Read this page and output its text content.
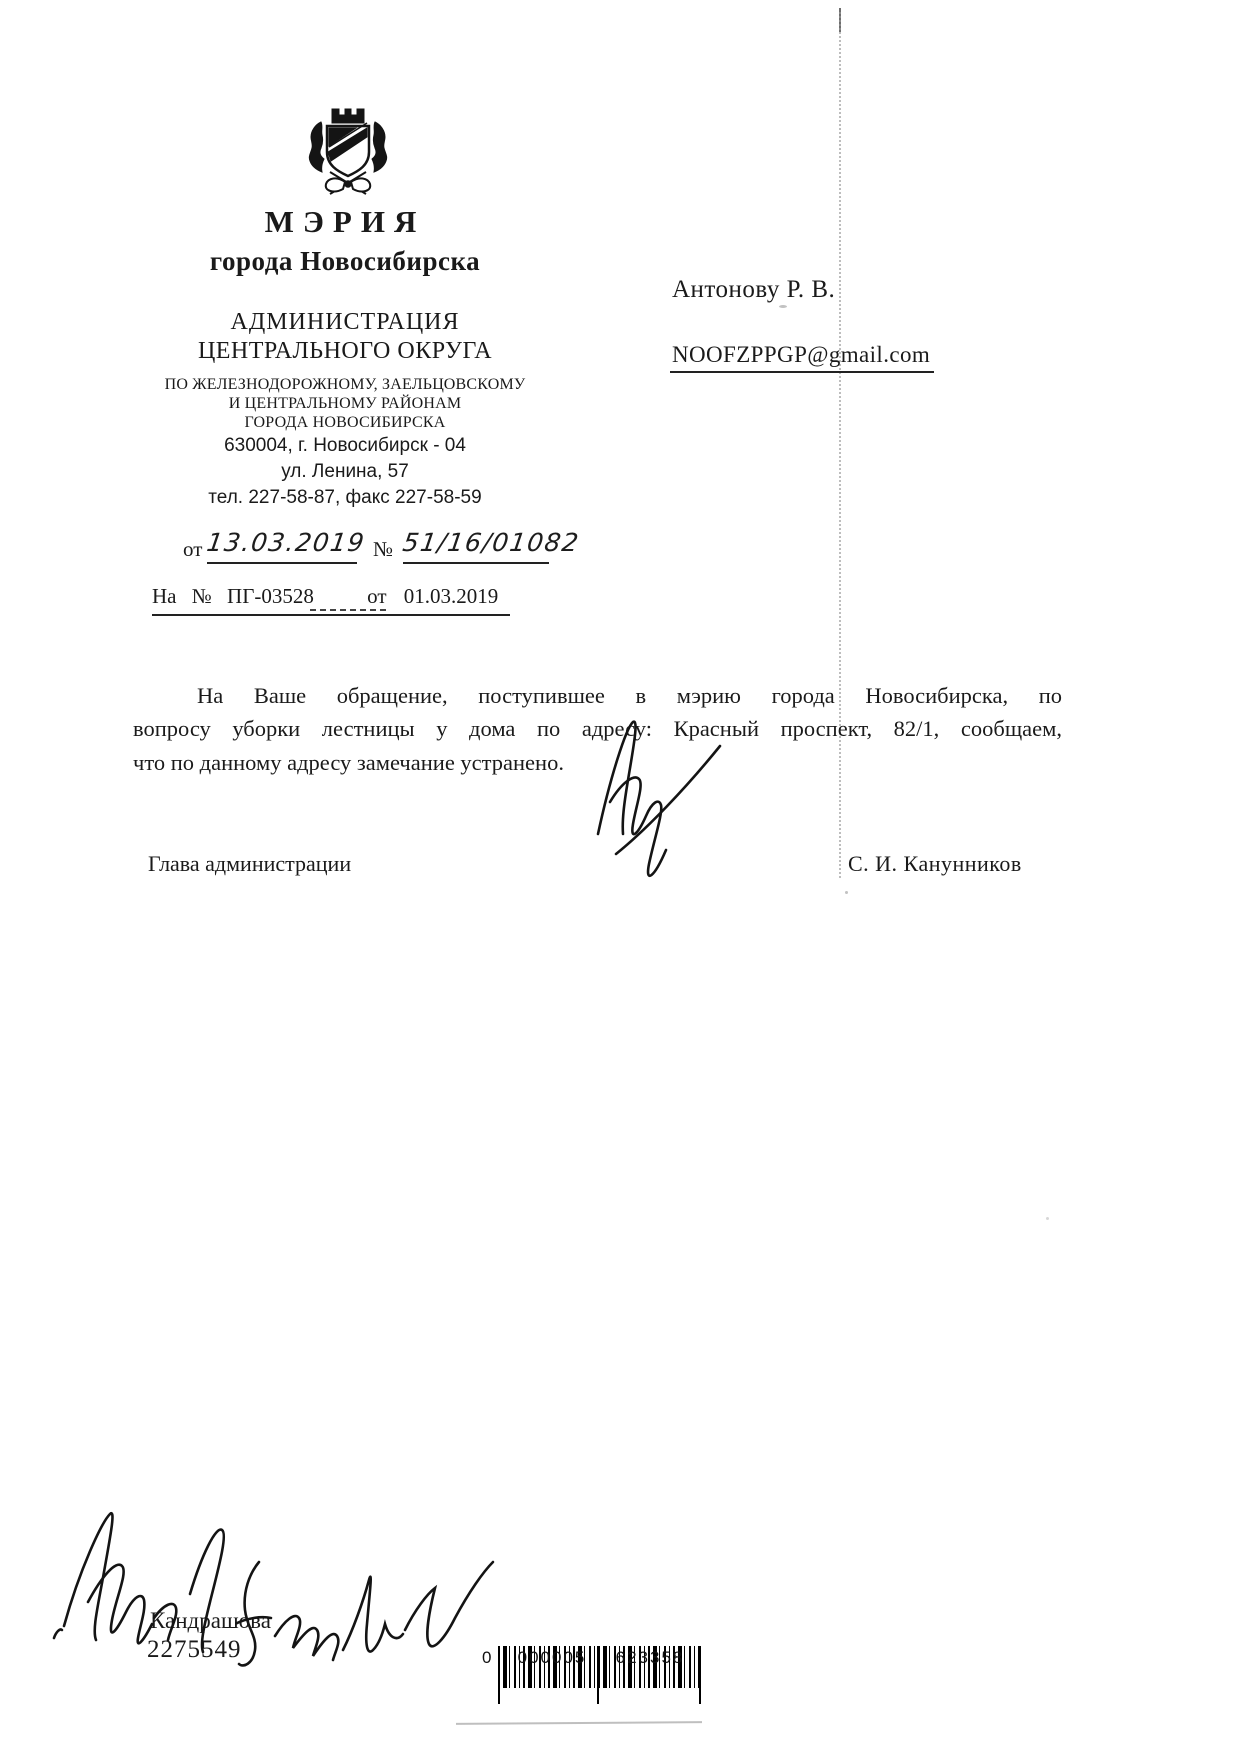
МЭРИЯ
города Новосибирска
АДМИНИСТРАЦИЯ
ЦЕНТРАЛЬНОГО ОКРУГА
ПО ЖЕЛЕЗНОДОРОЖНОМУ, ЗАЕЛЬЦОВСКОМУ
И ЦЕНТРАЛЬНОМУ РАЙОНАМ
ГОРОДА НОВОСИБИРСКА
630004, г. Новосибирск - 04
ул. Ленина, 57
тел. 227-58-87, факс 227-58-59
от 13.03.2019 № 51/16/01082
На № ПГ-03528	от 01.03.2019
Антонову Р. В.
NOOFZPPGP@gmail.com
На Ваше обращение, поступившее в мэрию города Новосибирска, по
вопросу уборки лестницы у дома по адресу: Красный проспект, 82/1, сообщаем,
что по данному адресу замечание устранено.
Глава администрации	С. И. Канунников
Кандрашова
2275549	0	000005	623358
